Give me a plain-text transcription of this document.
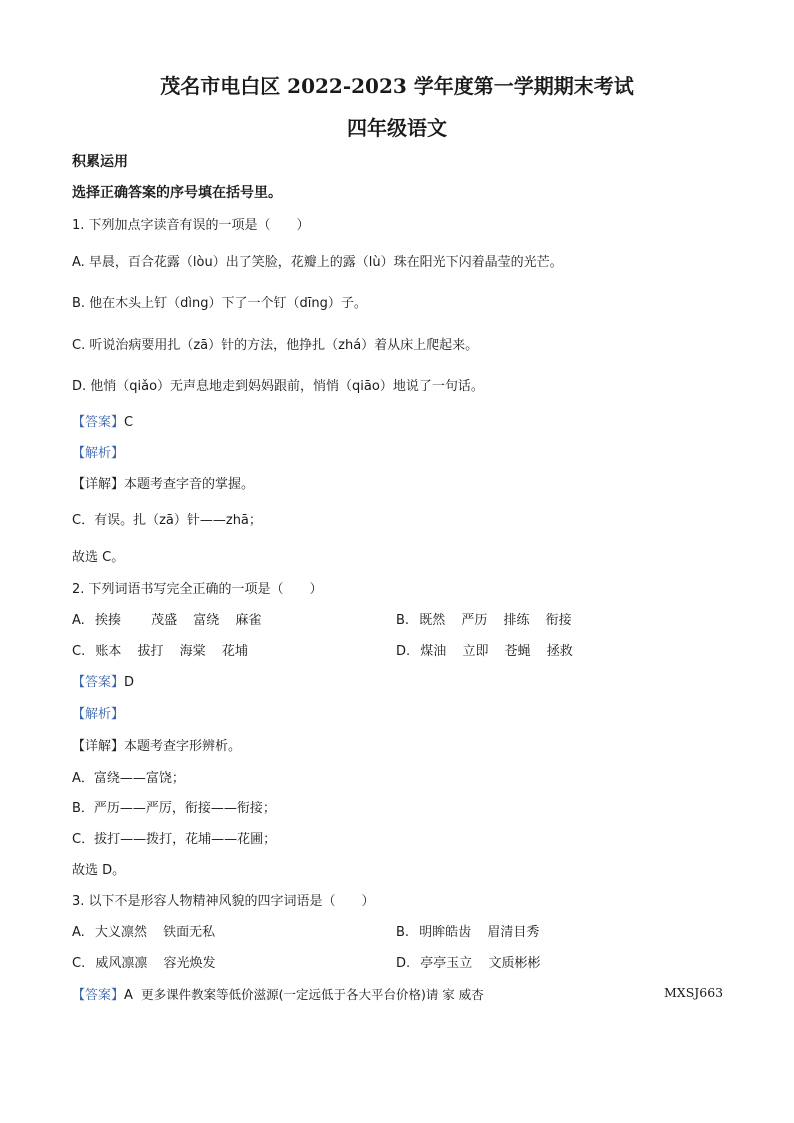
茂名市电白区 2022-2023 学年度第一学期期末考试
四年级语文
积累运用
选择正确答案的序号填在括号里。
1. 下列加点字读音有误的一项是（　　）
A. 早晨，百合花露（lòu）出了笑脸，花瓣上的露（lù）珠在阳光下闪着晶莹的光芒。
B. 他在木头上钉（dìng）下了一个钉（dīng）子。
C. 听说治病要用扎（zā）针的方法，他挣扎（zhá）着从床上爬起来。
D. 他悄（qiǎo）无声息地走到妈妈跟前，悄悄（qiāo）地说了一句话。
【答案】C
【解析】
【详解】本题考查字音的掌握。
C．有误。扎（zā）针——zhā；
故选 C。
2. 下列词语书写完全正确的一项是（　　）
A. 挨揍 茂盛 富绕 麻雀	B. 既然 严历 排练 衔接
C. 账本 拔打 海棠 花埔	D. 煤油 立即 苍蝇 拯救
【答案】D
【解析】
【详解】本题考查字形辨析。
A．富绕——富饶；
B．严历——严厉，衔接——衔接；
C．拔打——拨打，花埔——花圃；
故选 D。
3. 以下不是形容人物精神风貌的四字词语是（　　）
A. 大义凛然 铁面无私	B. 明眸皓齿 眉清目秀
C. 威风凛凛 容光焕发	D. 亭亭玉立 文质彬彬
【答案】A 更多课件教案等低价滋源(一定远低于各大平台价格)请 家 威杏	MXSJ663
